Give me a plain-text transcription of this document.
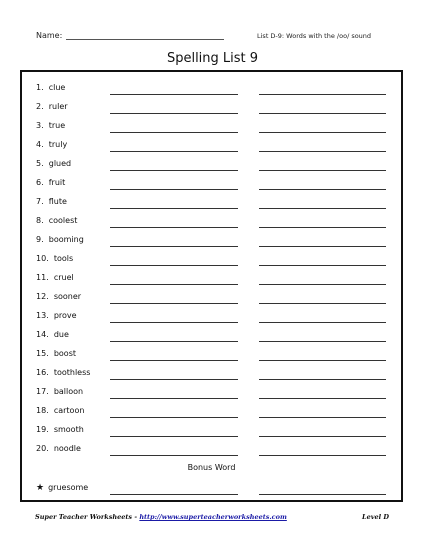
Name:	List D-9: Words with the /oo/ sound
Spelling List 9
Bonus Word
★ gruesome
1. clue
2. ruler
3. true
4. truly
5. glued
6. fruit
7. flute
8. coolest
9. booming
10. tools
11. cruel
12. sooner
13. prove
14. due
15. boost
16. toothless
17. balloon
18. cartoon
19. smooth
20. noodle
Super Teacher Worksheets - http://www.superteacherworksheets.com	Level D
